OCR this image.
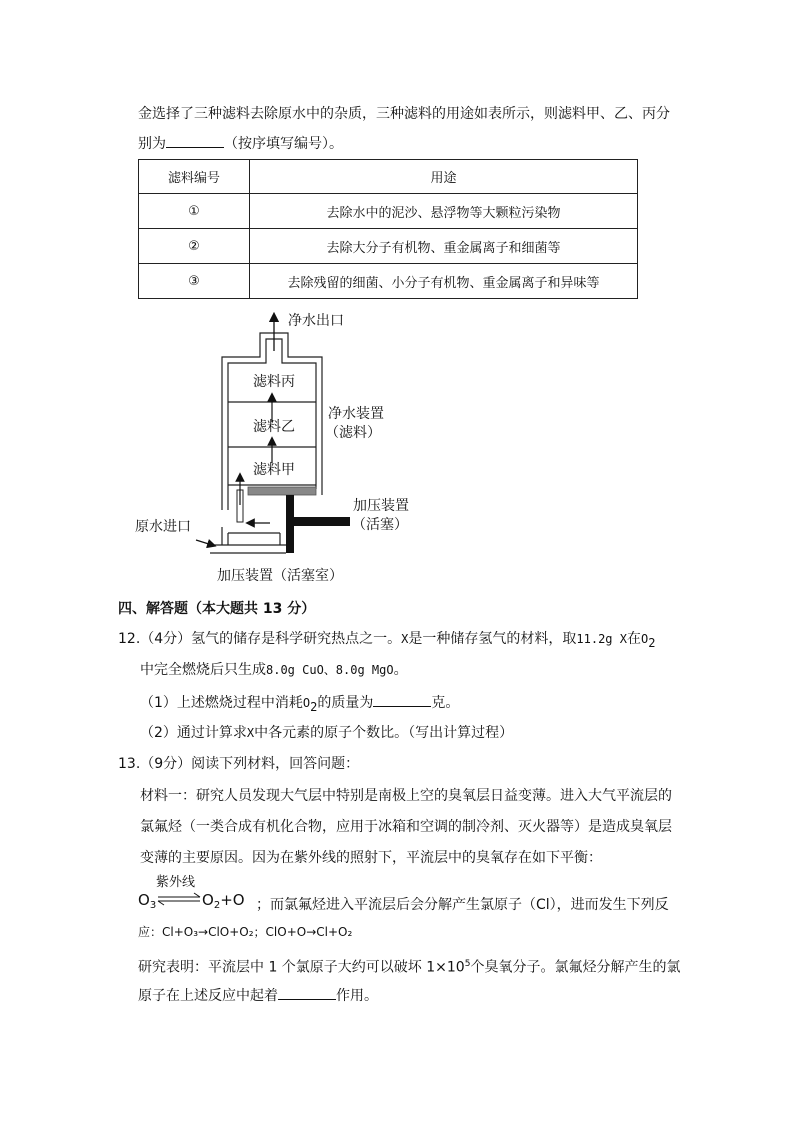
金选择了三种滤料去除原水中的杂质，三种滤料的用途如表所示，则滤料甲、乙、丙分
别为	（按序填写编号）。
滤料编号	用途
①	去除水中的泥沙、悬浮物等大颗粒污染物
②	去除大分子有机物、重金属离子和细菌等
③	去除残留的细菌、小分子有机物、重金属离子和异味等
净水出口
滤料丙
滤料乙
滤料甲
净水装置
（滤料）
原水进口
加压装置
（活塞）
加压装置（活塞室）
四、解答题（本大题共 13 分）
12.（4分）氢气的储存是科学研究热点之一。X是一种储存氢气的材料，取11.2g X在$O_2$
中完全燃烧后只生成8.0g CuO、8.0g MgO。
（1）上述燃烧过程中消耗$O_2$的质量为	克。
（2）通过计算求X中各元素的原子个数比。（写出计算过程）
13.（9分）阅读下列材料，回答问题：
材料一：研究人员发现大气层中特别是南极上空的臭氧层日益变薄。进入大气平流层的
氯氟烃（一类合成有机化合物，应用于冰箱和空调的制冷剂、灭火器等）是造成臭氧层
变薄的主要原因。因为在紫外线的照射下，平流层中的臭氧存在如下平衡：
紫外线
$O_3$	$O_2+O$ ；而氯氟烃进入平流层后会分解产生氯原子（Cl），进而发生下列反
应：Cl+O₃→ClO+O₂；ClO+O→Cl+O₂
研究表明：平流层中 1 个氯原子大约可以破坏 $1\times 10^5$个臭氧分子。氯氟烃分解产生的氯
原子在上述反应中起着	作用。
